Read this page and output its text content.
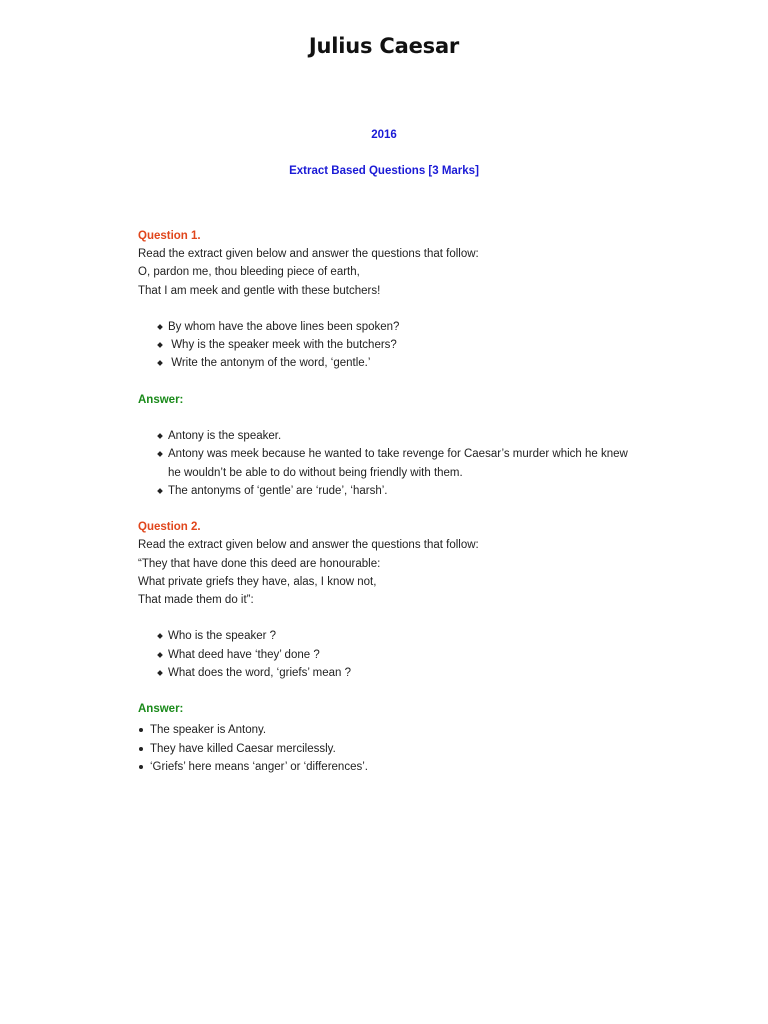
Julius Caesar
2016
Extract Based Questions [3 Marks]

Question 1.

Read the extract given below and answer the questions that follow:

O, pardon me, thou bleeding piece of earth,

That I am meek and gentle with these butchers!

By whom have the above lines been spoken?
Why is the speaker meek with the butchers?
Write the antonym of the word, ‘gentle.’

Answer:

Antony is the speaker.
Antony was meek because he wanted to take revenge for Caesar’s murder which he knew he wouldn’t be able to do without being friendly with them.
The antonyms of ‘gentle’ are ‘rude’, ‘harsh’.

Question 2.

Read the extract given below and answer the questions that follow:

“They that have done this deed are honourable:

What private griefs they have, alas, I know not,

That made them do it”:

Who is the speaker ?
What deed have ‘they’ done ?
What does the word, ‘griefs’ mean ?

Answer:

The speaker is Antony.
They have killed Caesar mercilessly.
‘Griefs’ here means ‘anger’ or ‘differences’.
